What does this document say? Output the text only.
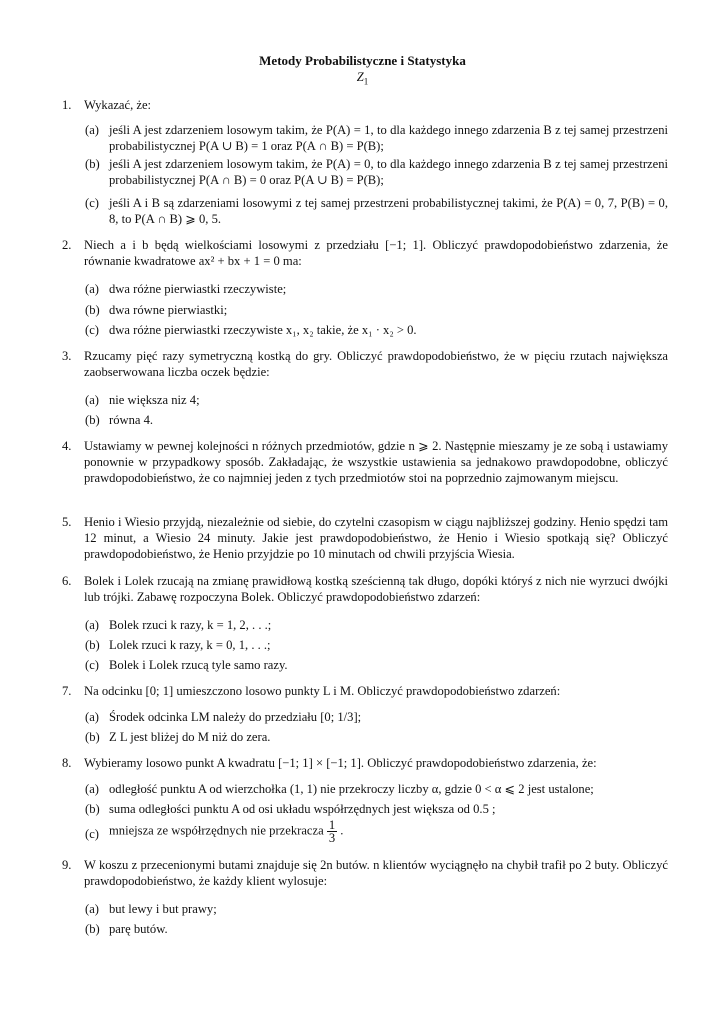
Metody Probabilistyczne i Statystyka
$Z_1$
1. Wykazać, że:
(a) jeśli A jest zdarzeniem losowym takim, że P(A) = 1, to dla każdego innego zdarzenia B z tej samej przestrzeni probabilistycznej P(A ∪ B) = 1 oraz P(A ∩ B) = P(B);
(b) jeśli A jest zdarzeniem losowym takim, że P(A) = 0, to dla każdego innego zdarzenia B z tej samej przestrzeni probabilistycznej P(A ∩ B) = 0 oraz P(A ∪ B) = P(B);
(c) jeśli A i B są zdarzeniami losowymi z tej samej przestrzeni probabilistycznej takimi, że P(A) = 0, 7, P(B) = 0, 8, to P(A ∩ B) ⩾ 0, 5.
2. Niech a i b będą wielkościami losowymi z przedziału [−1; 1]. Obliczyć prawdopodobieństwo zdarzenia, że równanie kwadratowe ax² + bx + 1 = 0 ma:
(a) dwa różne pierwiastki rzeczywiste;
(b) dwa równe pierwiastki;
(c) dwa różne pierwiastki rzeczywiste x₁, x₂ takie, że x₁ · x₂ > 0.
3. Rzucamy pięć razy symetryczną kostką do gry. Obliczyć prawdopodobieństwo, że w pięciu rzutach największa zaobserwowana liczba oczek będzie:
(a) nie większa niz 4;
(b) równa 4.
4. Ustawiamy w pewnej kolejności n różnych przedmiotów, gdzie n ⩾ 2. Następnie mieszamy je ze sobą i ustawiamy ponownie w przypadkowy sposób. Zakładając, że wszystkie ustawienia sa jednakowo prawdopodobne, obliczyć prawdopodobieństwo, że co najmniej jeden z tych przedmiotów stoi na poprzednio zajmowanym miejscu.
5. Henio i Wiesio przyjdą, niezależnie od siebie, do czytelni czasopism w ciągu najbliższej godziny. Henio spędzi tam 12 minut, a Wiesio 24 minuty. Jakie jest prawdopodobieństwo, że Henio i Wiesio spotkają się? Obliczyć prawdopodobieństwo, że Henio przyjdzie po 10 minutach od chwili przyjścia Wiesia.
6. Bolek i Lolek rzucają na zmianę prawidłową kostką sześcienną tak długo, dopóki któryś z nich nie wyrzuci dwójki lub trójki. Zabawę rozpoczyna Bolek. Obliczyć prawdopodobieństwo zdarzeń:
(a) Bolek rzuci k razy, k = 1, 2, . . .;
(b) Lolek rzuci k razy, k = 0, 1, . . .;
(c) Bolek i Lolek rzucą tyle samo razy.
7. Na odcinku [0; 1] umieszczono losowo punkty L i M. Obliczyć prawdopodobieństwo zdarzeń:
(a) Środek odcinka LM należy do przedziału [0; 1/3];
(b) Z L jest bliżej do M niż do zera.
8. Wybieramy losowo punkt A kwadratu [−1; 1] × [−1; 1]. Obliczyć prawdopodobieństwo zdarzenia, że:
(a) odległość punktu A od wierzchołka (1, 1) nie przekroczy liczby α, gdzie 0 < α ⩽ 2 jest ustalone;
(b) suma odległości punktu A od osi układu współrzędnych jest większa od 0.5 ;
(c) mniejsza ze współrzędnych nie przekracza $\frac{1}{3}$ .
9. W koszu z przecenionymi butami znajduje się 2n butów. n klientów wyciągnęło na chybił trafił po 2 buty. Obliczyć prawdopodobieństwo, że każdy klient wylosuje:
(a) but lewy i but prawy;
(b) parę butów.
